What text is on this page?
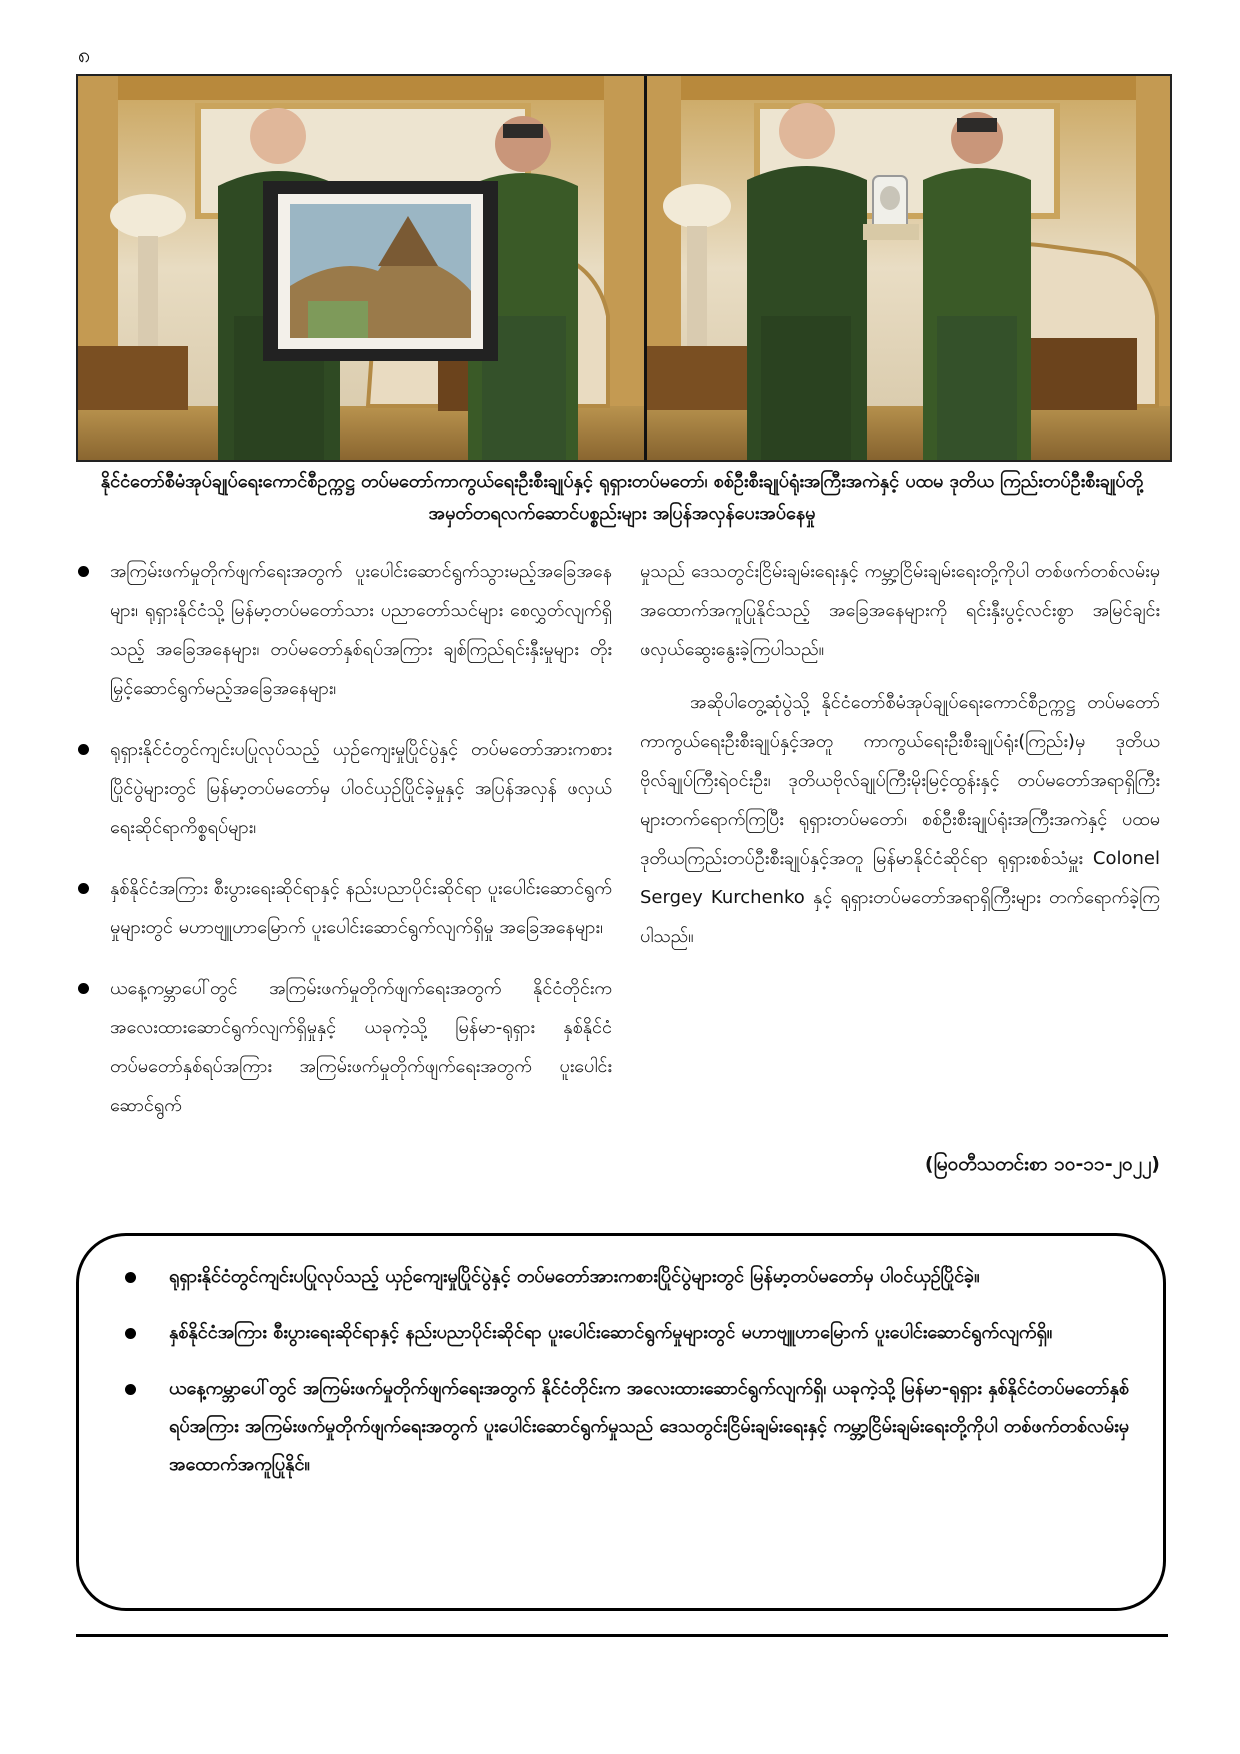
၈
နိုင်ငံတော်စီမံအုပ်ချုပ်ရေးကောင်စီဥက္ကဋ္ဌ တပ်မတော်ကာကွယ်ရေးဦးစီးချုပ်နှင့် ရုရှားတပ်မတော်၊ စစ်ဦးစီးချုပ်ရုံးအကြီးအကဲနှင့် ပထမ ဒုတိယ ကြည်းတပ်ဦးစီးချုပ်တို့ အမှတ်တရလက်ဆောင်ပစ္စည်းများ အပြန်အလှန်ပေးအပ်နေမှု
အကြမ်းဖက်မှုတိုက်ဖျက်ရေးအတွက် ပူးပေါင်းဆောင်ရွက်သွားမည့်အခြေအနေများ၊ ရုရှားနိုင်ငံသို့ မြန်မာ့တပ်မတော်သား ပညာတော်သင်များ စေလွှတ်လျက်ရှိသည့် အခြေအနေများ၊ တပ်မတော်နှစ်ရပ်အကြား ချစ်ကြည်ရင်းနှီးမှုများ တိုးမြှင့်ဆောင်ရွက်မည့်အခြေအနေများ၊
ရုရှားနိုင်ငံတွင်ကျင်းပပြုလုပ်သည့် ယှဉ်ကျေးမှုပြိုင်ပွဲနှင့် တပ်မတော်အားကစားပြိုင်ပွဲများတွင် မြန်မာ့တပ်မတော်မှ ပါဝင်ယှဉ်ပြိုင်ခဲ့မှုနှင့် အပြန်အလှန် ဖလှယ်ရေးဆိုင်ရာကိစ္စရပ်များ၊
နှစ်နိုင်ငံအကြား စီးပွားရေးဆိုင်ရာနှင့် နည်းပညာပိုင်းဆိုင်ရာ ပူးပေါင်းဆောင်ရွက်မှုများတွင် မဟာဗျူဟာမြောက် ပူးပေါင်းဆောင်ရွက်လျက်ရှိမှု အခြေအနေများ၊
ယနေ့ကမ္ဘာပေါ်တွင် အကြမ်းဖက်မှုတိုက်ဖျက်ရေးအတွက် နိုင်ငံတိုင်းက အလေးထားဆောင်ရွက်လျက်ရှိမှုနှင့် ယခုကဲ့သို့ မြန်မာ-ရုရှား နှစ်နိုင်ငံတပ်မတော်နှစ်ရပ်အကြား အကြမ်းဖက်မှုတိုက်ဖျက်ရေးအတွက် ပူးပေါင်းဆောင်ရွက်

မှုသည် ဒေသတွင်းငြိမ်းချမ်းရေးနှင့် ကမ္ဘာ့ငြိမ်းချမ်းရေးတို့ကိုပါ တစ်ဖက်တစ်လမ်းမှ အထောက်အကူပြုနိုင်သည့် အခြေအနေများကို ရင်းနှီးပွင့်လင်းစွာ အမြင်ချင်းဖလှယ်ဆွေးနွေးခဲ့ကြပါသည်။

အဆိုပါတွေ့ဆုံပွဲသို့ နိုင်ငံတော်စီမံအုပ်ချုပ်ရေးကောင်စီဥက္ကဋ္ဌ တပ်မတော်ကာကွယ်ရေးဦးစီးချုပ်နှင့်အတူ ကာကွယ်ရေးဦးစီးချုပ်ရုံး(ကြည်း)မှ ဒုတိယဗိုလ်ချုပ်ကြီးရဲဝင်းဦး၊ ဒုတိယဗိုလ်ချုပ်ကြီးမိုးမြင့်ထွန်းနှင့် တပ်မတော်အရာရှိကြီးများတက်ရောက်ကြပြီး ရုရှားတပ်မတော်၊ စစ်ဦးစီးချုပ်ရုံးအကြီးအကဲနှင့် ပထမ ဒုတိယကြည်းတပ်ဦးစီးချုပ်နှင့်အတူ မြန်မာနိုင်ငံဆိုင်ရာ ရုရှားစစ်သံမှူး Colonel Sergey Kurchenko နှင့် ရုရှားတပ်မတော်အရာရှိကြီးများ တက်ရောက်ခဲ့ကြပါသည်။

(မြဝတီသတင်းစာ ၁၀-၁၁-၂၀၂၂)
ရုရှားနိုင်ငံတွင်ကျင်းပပြုလုပ်သည့် ယှဉ်ကျေးမှုပြိုင်ပွဲနှင့် တပ်မတော်အားကစားပြိုင်ပွဲများတွင် မြန်မာ့တပ်မတော်မှ ပါဝင်ယှဉ်ပြိုင်ခဲ့။
နှစ်နိုင်ငံအကြား စီးပွားရေးဆိုင်ရာနှင့် နည်းပညာပိုင်းဆိုင်ရာ ပူးပေါင်းဆောင်ရွက်မှုများတွင် မဟာဗျူဟာမြောက် ပူးပေါင်းဆောင်ရွက်လျက်ရှိ။
ယနေ့ကမ္ဘာပေါ်တွင် အကြမ်းဖက်မှုတိုက်ဖျက်ရေးအတွက် နိုင်ငံတိုင်းက အလေးထားဆောင်ရွက်လျက်ရှိ၊ ယခုကဲ့သို့ မြန်မာ-ရုရှား နှစ်နိုင်ငံတပ်မတော်နှစ်ရပ်အကြား အကြမ်းဖက်မှုတိုက်ဖျက်ရေးအတွက် ပူးပေါင်းဆောင်ရွက်မှုသည် ဒေသတွင်းငြိမ်းချမ်းရေးနှင့် ကမ္ဘာ့ငြိမ်းချမ်းရေးတို့ကိုပါ တစ်ဖက်တစ်လမ်းမှ အထောက်အကူပြုနိုင်။
